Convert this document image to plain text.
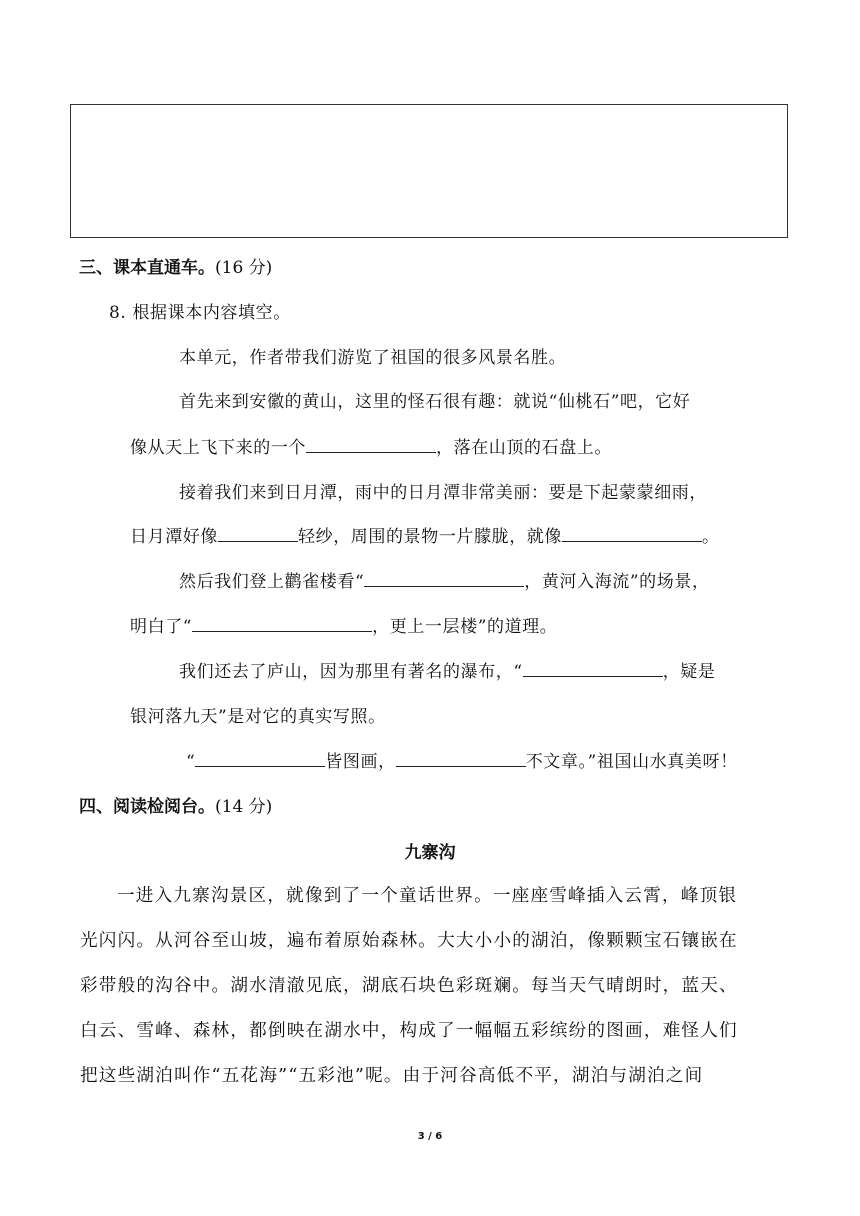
三、课本直通车。(16 分)
8. 根据课本内容填空。
本单元，作者带我们游览了祖国的很多风景名胜。
首先来到安徽的黄山，这里的怪石很有趣：就说“仙桃石”吧，它好
像从天上飞下来的一个	，落在山顶的石盘上。
接着我们来到日月潭，雨中的日月潭非常美丽：要是下起蒙蒙细雨，
日月潭好像	轻纱，周围的景物一片朦胧，就像	。
然后我们登上鹳雀楼看“	，黄河入海流”的场景，
明白了“	，更上一层楼”的道理。
我们还去了庐山，因为那里有著名的瀑布，“	，疑是
银河落九天”是对它的真实写照。
“	皆图画，	不文章。”祖国山水真美呀！
四、阅读检阅台。(14 分)
九寨沟
一进入九寨沟景区，就像到了一个童话世界。一座座雪峰插入云霄，峰顶银
光闪闪。从河谷至山坡，遍布着原始森林。大大小小的湖泊，像颗颗宝石镶嵌在
彩带般的沟谷中。湖水清澈见底，湖底石块色彩斑斓。每当天气晴朗时，蓝天、
白云、雪峰、森林，都倒映在湖水中，构成了一幅幅五彩缤纷的图画，难怪人们
把这些湖泊叫作“五花海”“五彩池”呢。由于河谷高低不平，湖泊与湖泊之间
3 / 6
